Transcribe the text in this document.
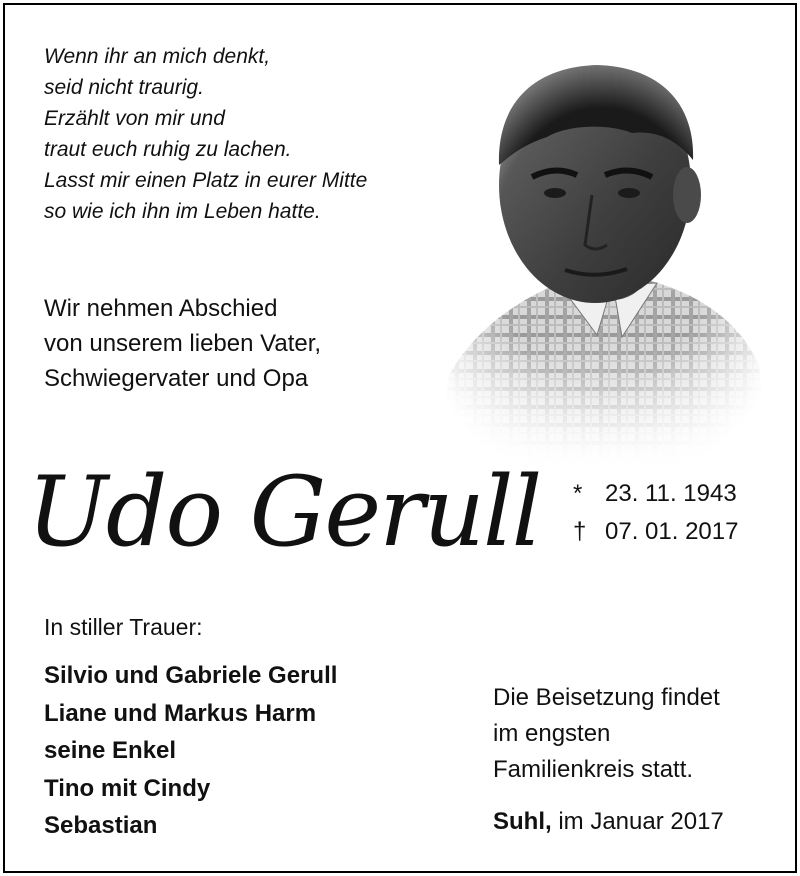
Wenn ihr an mich denkt,
seid nicht traurig.
Erzählt von mir und
traut euch ruhig zu lachen.
Lasst mir einen Platz in eurer Mitte
so wie ich ihn im Leben hatte.
Wir nehmen Abschied
von unserem lieben Vater,
Schwiegervater und Opa
Udo Gerull	* 23. 11. 1943
† 07. 01. 2017
In stiller Trauer:
Silvio und Gabriele Gerull
Liane und Markus Harm
seine Enkel
Tino mit Cindy
Sebastian
Die Beisetzung findet
im engsten
Familienkreis statt.
Suhl, im Januar 2017
